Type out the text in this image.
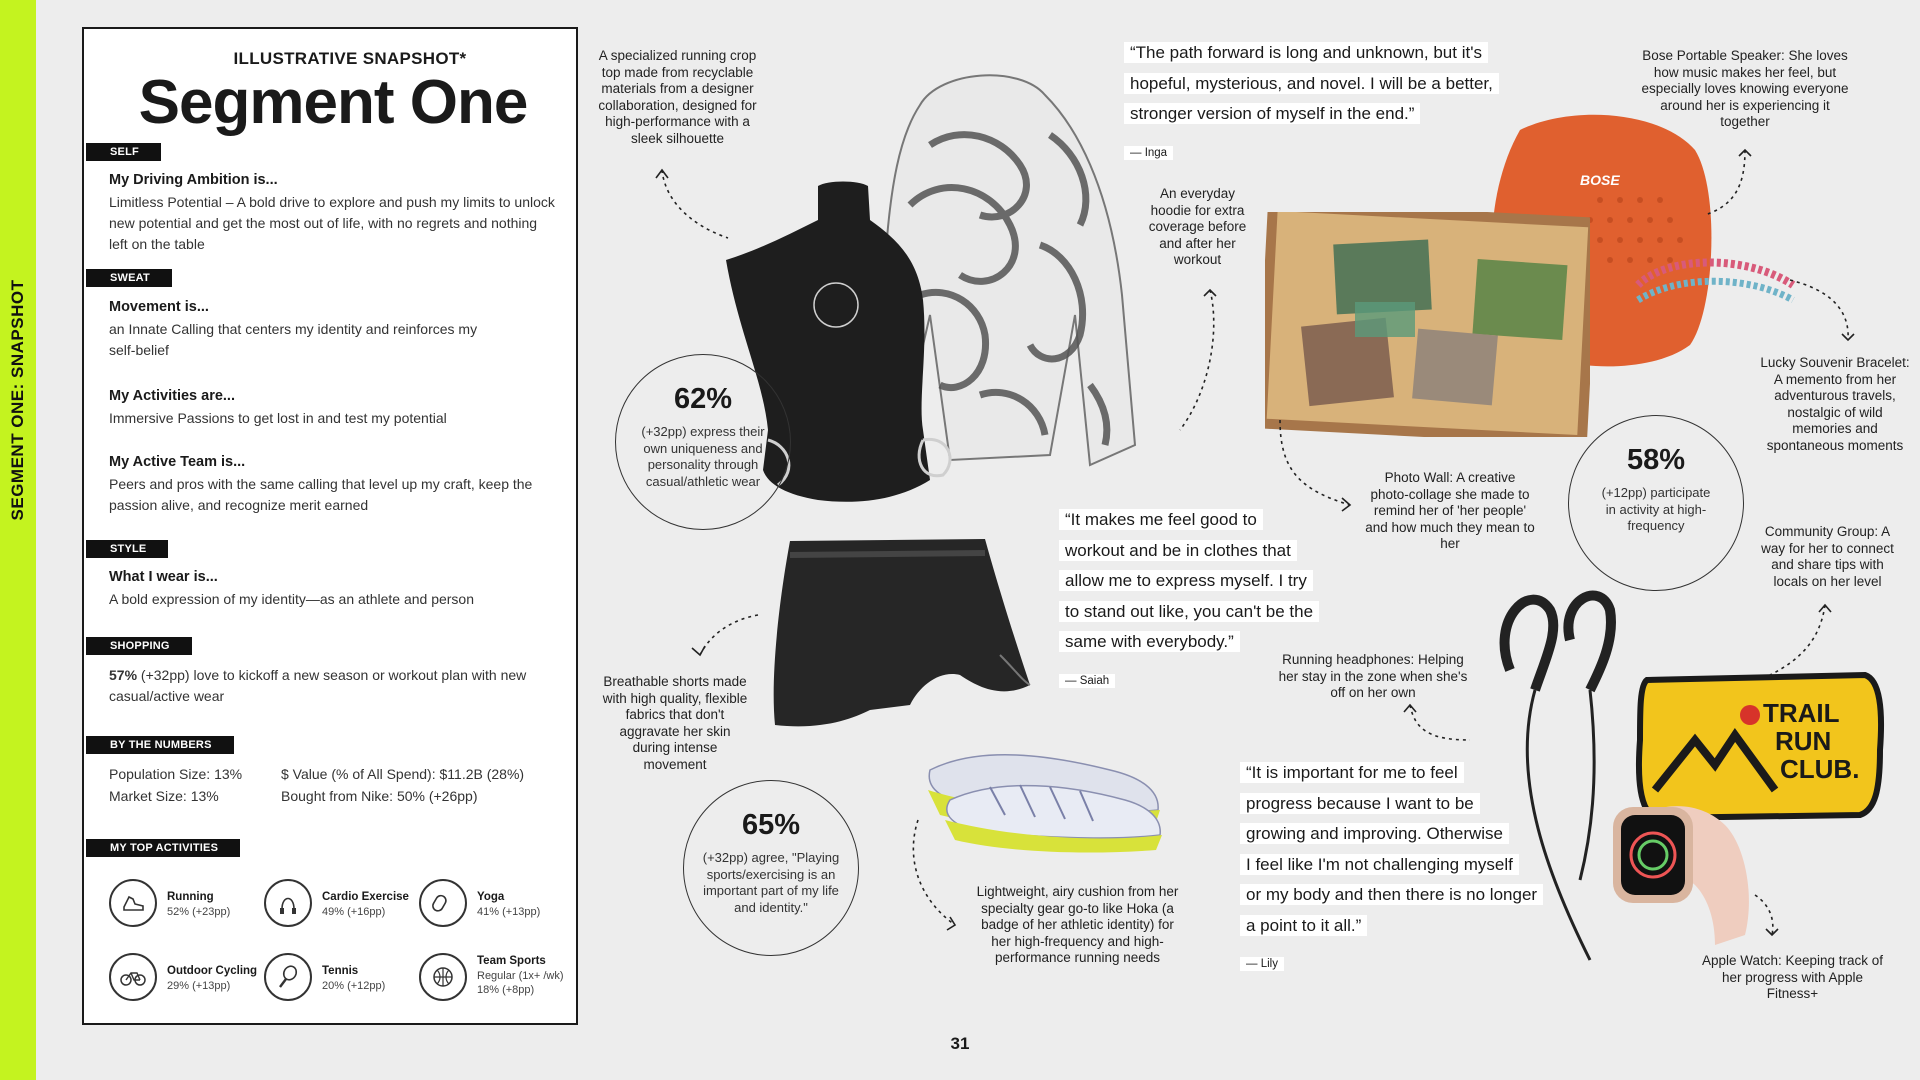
SEGMENT ONE: SNAPSHOT
ILLUSTRATIVE SNAPSHOT*
Segment One
SELF
My Driving Ambition is...

Limitless Potential – A bold drive to explore and push my limits to unlock new potential and get the most out of life, with no regrets and nothing left on the table

SWEAT
Movement is...

an Innate Calling that centers my identity and reinforces my self-belief

My Activities are...

Immersive Passions to get lost in and test my potential

My Active Team is...

Peers and pros with the same calling that level up my craft, keep the passion alive, and recognize merit earned

STYLE
What I wear is...

A bold expression of my identity—as an athlete and person

SHOPPING

57% (+32pp) love to kickoff a new season or workout plan with new casual/active wear

BY THE NUMBERS
Population Size: 13%
Market Size: 13%
$ Value (% of All Spend): $11.2B (28%)
Bought from Nike: 50% (+26pp)
MY TOP ACTIVITIES
Running
52% (+23pp)
Cardio Exercise
49% (+16pp)
Yoga
41% (+13pp)
Outdoor Cycling
29% (+13pp)
Tennis
20% (+12pp)
Team Sports
Regular (1x+ /wk)
18% (+8pp)
BOSE
TRAIL
RUN
CLUB.
A specialized running crop top made from recyclable materials from a designer collaboration, designed for high-performance with a sleek silhouette
An everyday hoodie for extra coverage before and after her workout
Breathable shorts made with high quality, flexible fabrics that don't aggravate her skin during intense movement
Lightweight, airy cushion from her specialty gear go-to like Hoka (a badge of her athletic identity) for her high-frequency and high-performance running needs
Bose Portable Speaker: She loves how music makes her feel, but especially loves knowing everyone around her is experiencing it together
Lucky Souvenir Bracelet: A memento from her adventurous travels, nostalgic of wild memories and spontaneous moments
Photo Wall: A creative photo-collage she made to remind her of 'her people' and how much they mean to her
Community Group: A way for her to connect and share tips with locals on her level
Running headphones: Helping her stay in the zone when she's off on her own
Apple Watch: Keeping track of her progress with Apple Fitness+
62%
(+32pp) express their own uniqueness and personality through casual/athletic wear
65%
(+32pp) agree, "Playing sports/exercising is an important part of my life and identity."
58%
(+12pp) participate in activity at high-frequency
“The path forward is long and unknown, but it's
hopeful, mysterious, and novel. I will be a better,
stronger version of myself in the end.”
— Inga
“It makes me feel good to
workout and be in clothes that
allow me to express myself. I try
to stand out like, you can't be the
same with everybody.”
— Saiah
“It is important for me to feel
progress because I want to be
growing and improving. Otherwise
I feel like I'm not challenging myself
or my body and then there is no longer
a point to it all.”
— Lily
31
